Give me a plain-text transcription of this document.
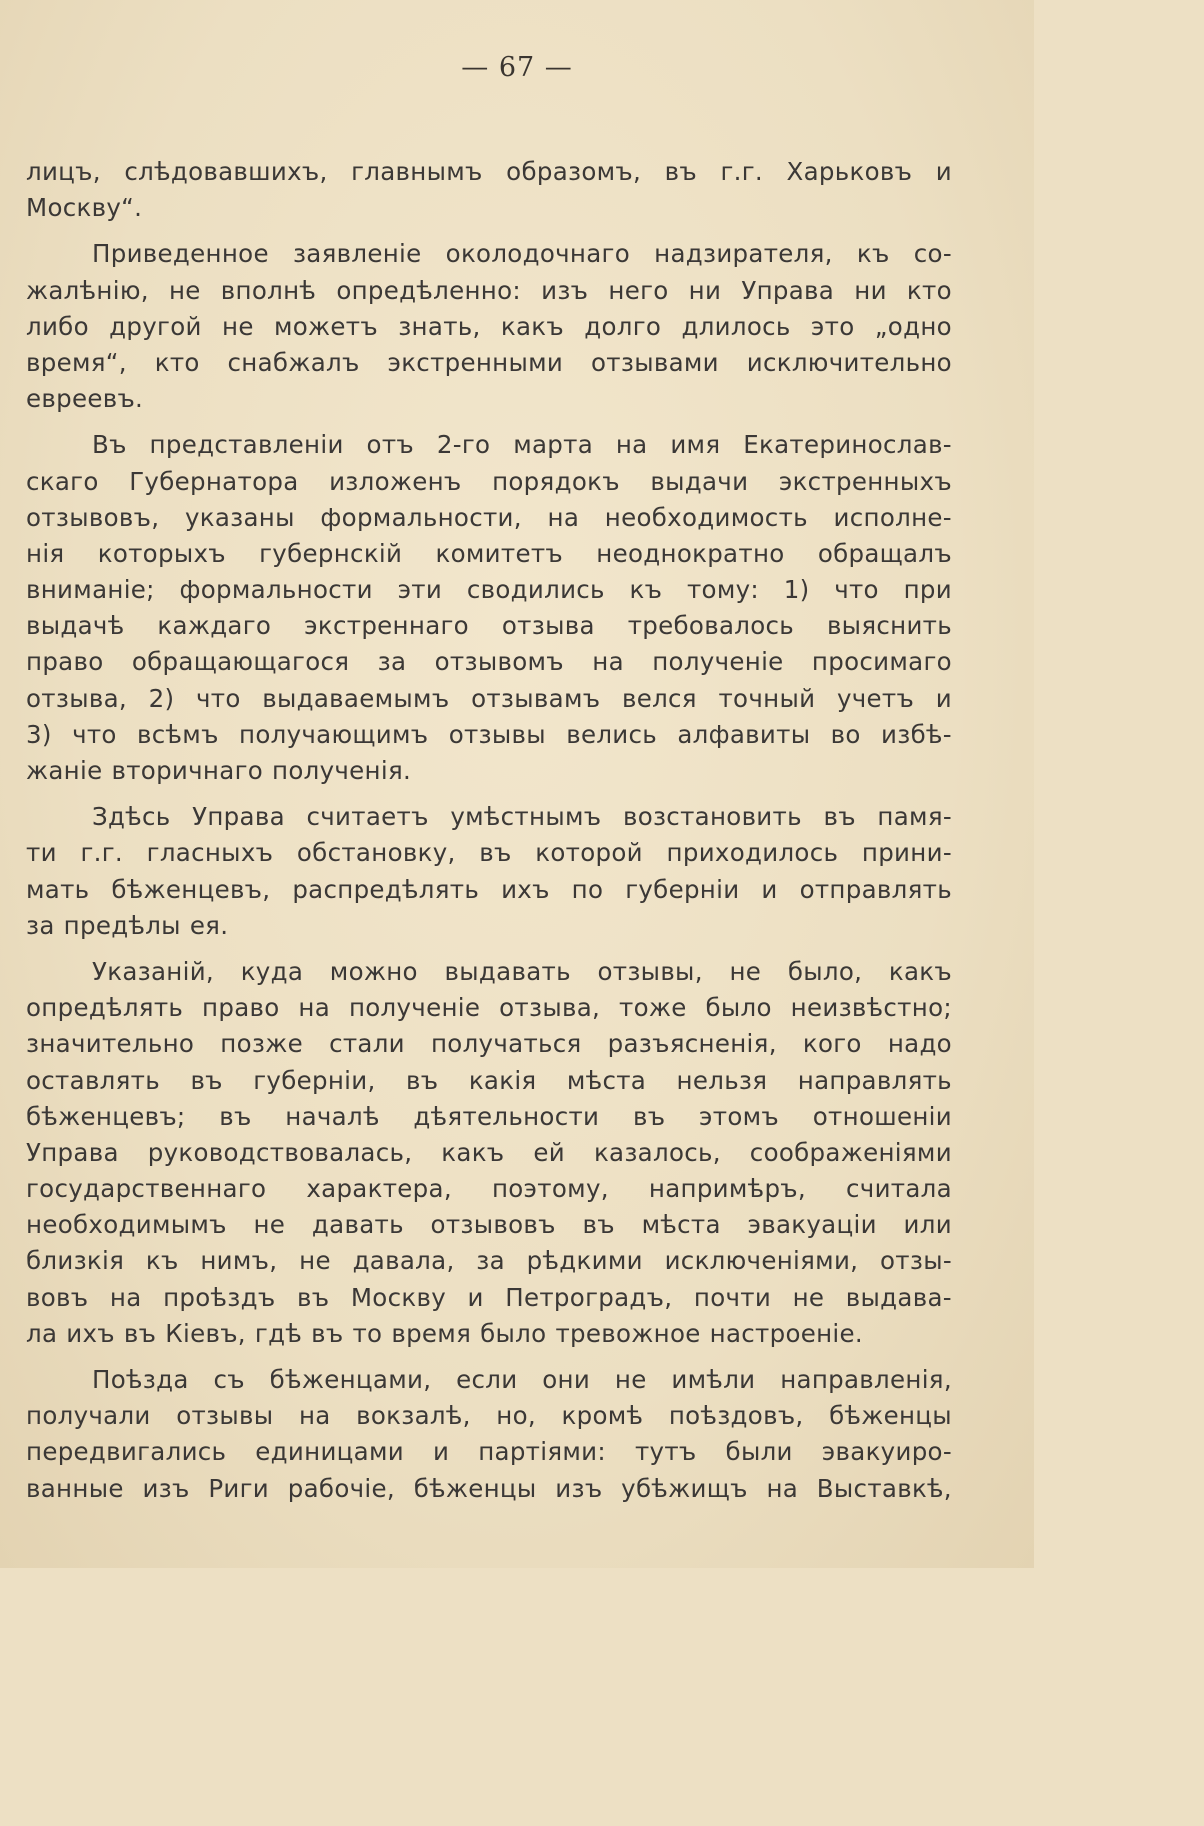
— 67 —
лицъ, слѣдовавшихъ, главнымъ образомъ, въ г.г. Харьковъ и
Москву“.
Приведенное заявленіе околодочнаго надзирателя, къ со-
жалѣнію, не вполнѣ опредѣленно: изъ него ни Управа ни кто
либо другой не можетъ знать, какъ долго длилось это „одно
время“, кто снабжалъ экстренными отзывами исключительно
евреевъ.
Въ представленіи отъ 2-го марта на имя Екатеринослав-
скаго Губернатора изложенъ порядокъ выдачи экстренныхъ
отзывовъ, указаны формальности, на необходимость исполне-
нія которыхъ губернскій комитетъ неоднократно обращалъ
вниманіе; формальности эти сводились къ тому: 1) что при
выдачѣ каждаго экстреннаго отзыва требовалось выяснить
право обращающагося за отзывомъ на полученіе просимаго
отзыва, 2) что выдаваемымъ отзывамъ велся точный учетъ и
3) что всѣмъ получающимъ отзывы велись алфавиты во избѣ-
жаніе вторичнаго полученія.
Здѣсь Управа считаетъ умѣстнымъ возстановить въ памя-
ти г.г. гласныхъ обстановку, въ которой приходилось прини-
мать бѣженцевъ, распредѣлять ихъ по губерніи и отправлять
за предѣлы ея.
Указаній, куда можно выдавать отзывы, не было, какъ
опредѣлять право на полученіе отзыва, тоже было неизвѣстно;
значительно позже стали получаться разъясненія, кого надо
оставлять въ губерніи, въ какія мѣста нельзя направлять
бѣженцевъ; въ началѣ дѣятельности въ этомъ отношеніи
Управа руководствовалась, какъ ей казалось, соображеніями
государственнаго характера, поэтому, напримѣръ, считала
необходимымъ не давать отзывовъ въ мѣста эвакуаціи или
близкія къ нимъ, не давала, за рѣдкими исключеніями, отзы-
вовъ на проѣздъ въ Москву и Петроградъ, почти не выдава-
ла ихъ въ Кіевъ, гдѣ въ то время было тревожное настроеніе.
Поѣзда съ бѣженцами, если они не имѣли направленія,
получали отзывы на вокзалѣ, но, кромѣ поѣздовъ, бѣженцы
передвигались единицами и партіями: тутъ были эвакуиро-
ванные изъ Риги рабочіе, бѣженцы изъ убѣжищъ на Выставкѣ,
